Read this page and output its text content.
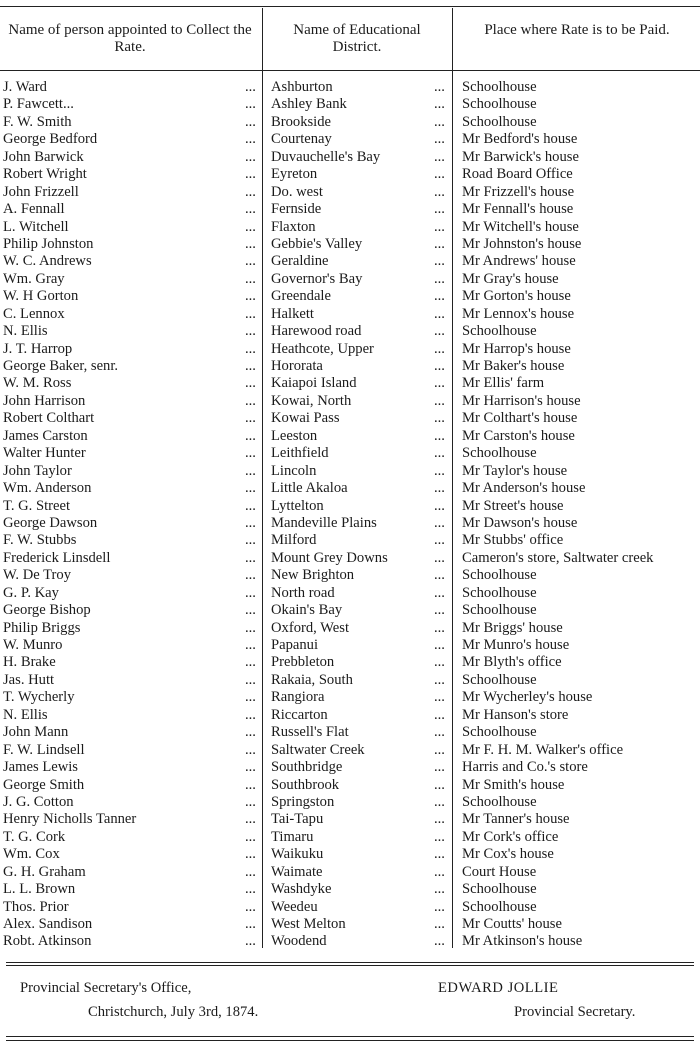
Name of person appointed to Collect the Rate.
Name of Educational District.
Place where Rate is to be Paid.
J. Ward	Ashburton	Schoolhouse
...	...
P. Fawcett...	Ashley Bank	Schoolhouse
...	...
F. W. Smith	Brookside	Schoolhouse
...	...
George Bedford	Courtenay	Mr Bedford's house
...	...
John Barwick	Duvauchelle's Bay	Mr Barwick's house
...	...
Robert Wright	Eyreton	Road Board Office
...	...
John Frizzell	Do. west	Mr Frizzell's house
...	...
A. Fennall	Fernside	Mr Fennall's house
...	...
L. Witchell	Flaxton	Mr Witchell's house
...	...
Philip Johnston	Gebbie's Valley	Mr Johnston's house
...	...
W. C. Andrews	Geraldine	Mr Andrews' house
...	...
Wm. Gray	Governor's Bay	Mr Gray's house
...	...
W. H Gorton	Greendale	Mr Gorton's house
...	...
C. Lennox	Halkett	Mr Lennox's house
...	...
N. Ellis	Harewood road	Schoolhouse
...	...
J. T. Harrop	Heathcote, Upper	Mr Harrop's house
...	...
George Baker, senr.	Hororata	Mr Baker's house
...	...
W. M. Ross	Kaiapoi Island	Mr Ellis' farm
...	...
John Harrison	Kowai, North	Mr Harrison's house
...	...
Robert Colthart	Kowai Pass	Mr Colthart's house
...	...
James Carston	Leeston	Mr Carston's house
...	...
Walter Hunter	Leithfield	Schoolhouse
...	...
John Taylor	Lincoln	Mr Taylor's house
...	...
Wm. Anderson	Little Akaloa	Mr Anderson's house
...	...
T. G. Street	Lyttelton	Mr Street's house
...	...
George Dawson	Mandeville Plains	Mr Dawson's house
...	...
F. W. Stubbs	Milford	Mr Stubbs' office
...	...
Frederick Linsdell	Mount Grey Downs	Cameron's store, Saltwater creek
...	...
W. De Troy	New Brighton	Schoolhouse
...	...
G. P. Kay	North road	Schoolhouse
...	...
George Bishop	Okain's Bay	Schoolhouse
...	...
Philip Briggs	Oxford, West	Mr Briggs' house
...	...
W. Munro	Papanui	Mr Munro's house
...	...
H. Brake	Prebbleton	Mr Blyth's office
...	...
Jas. Hutt	Rakaia, South	Schoolhouse
...	...
T. Wycherly	Rangiora	Mr Wycherley's house
...	...
N. Ellis	Riccarton	Mr Hanson's store
...	...
John Mann	Russell's Flat	Schoolhouse
...	...
F. W. Lindsell	Saltwater Creek	Mr F. H. M. Walker's office
...	...
James Lewis	Southbridge	Harris and Co.'s store
...	...
George Smith	Southbrook	Mr Smith's house
...	...
J. G. Cotton	Springston	Schoolhouse
...	...
Henry Nicholls Tanner	Tai-Tapu	Mr Tanner's house
...	...
T. G. Cork	Timaru	Mr Cork's office
...	...
Wm. Cox	Waikuku	Mr Cox's house
...	...
G. H. Graham	Waimate	Court House
...	...
L. L. Brown	Washdyke	Schoolhouse
...	...
Thos. Prior	Weedeu	Schoolhouse
...	...
Alex. Sandison	West Melton	Mr Coutts' house
...	...
Robt. Atkinson	Woodend	Mr Atkinson's house
...	...
Provincial Secretary's Office,
Christchurch, July 3rd, 1874.
EDWARD JOLLIE
Provincial Secretary.
